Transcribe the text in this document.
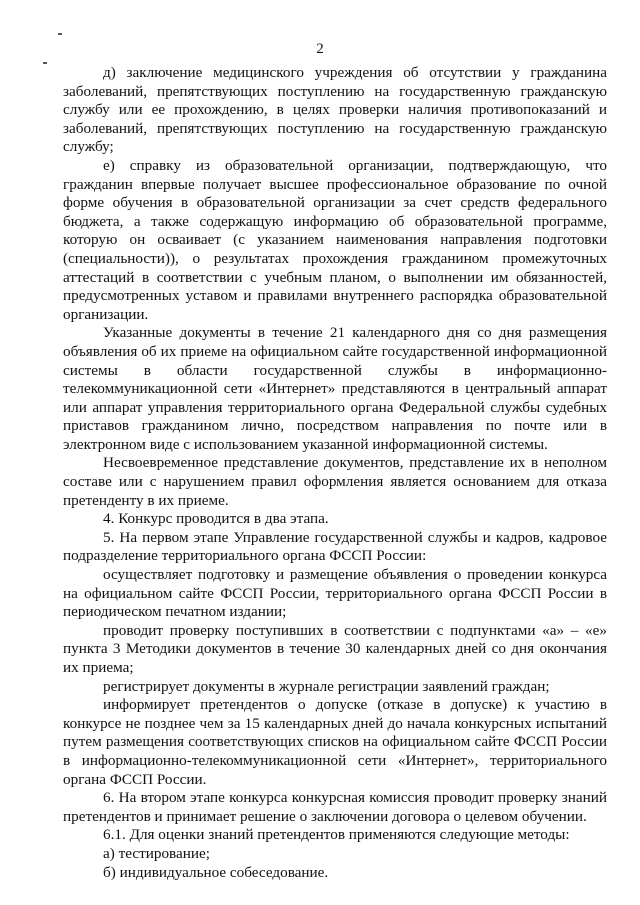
2

д) заключение медицинского учреждения об отсутствии у гражданина заболеваний, препятствующих поступлению на государственную гражданскую службу или ее прохождению, в целях проверки наличия противопоказаний и заболеваний, препятствующих поступлению на государственную гражданскую службу;

е) справку из образовательной организации, подтверждающую, что гражданин впервые получает высшее профессиональное образование по очной форме обучения в образовательной организации за счет средств федерального бюджета, а также содержащую информацию об образовательной программе, которую он осваивает (с указанием наименования направления подготовки (специальности)), о результатах прохождения гражданином промежуточных аттестаций в соответствии с учебным планом, о выполнении им обязанностей, предусмотренных уставом и правилами внутреннего распорядка образовательной организации.

Указанные документы в течение 21 календарного дня со дня размещения объявления об их приеме на официальном сайте государственной информационной системы в области государственной службы в информационно-телекоммуникационной сети «Интернет» представляются в центральный аппарат или аппарат управления территориального органа Федеральной службы судебных приставов гражданином лично, посредством направления по почте или в электронном виде с использованием указанной информационной системы.

Несвоевременное представление документов, представление их в неполном составе или с нарушением правил оформления является основанием для отказа претенденту в их приеме.

4. Конкурс проводится в два этапа.

5. На первом этапе Управление государственной службы и кадров, кадровое подразделение территориального органа ФССП России:

осуществляет подготовку и размещение объявления о проведении конкурса на официальном сайте ФССП России, территориального органа ФССП России в периодическом печатном издании;

проводит проверку поступивших в соответствии с подпунктами «а» – «е» пункта 3 Методики документов в течение 30 календарных дней со дня окончания их приема;

регистрирует документы в журнале регистрации заявлений граждан;

информирует претендентов о допуске (отказе в допуске) к участию в конкурсе не позднее чем за 15 календарных дней до начала конкурсных испытаний путем размещения соответствующих списков на официальном сайте ФССП России в информационно-телекоммуникационной сети «Интернет», территориального органа ФССП России.

6. На втором этапе конкурса конкурсная комиссия проводит проверку знаний претендентов и принимает решение о заключении договора о целевом обучении.

6.1. Для оценки знаний претендентов применяются следующие методы:

а) тестирование;

б) индивидуальное собеседование.
